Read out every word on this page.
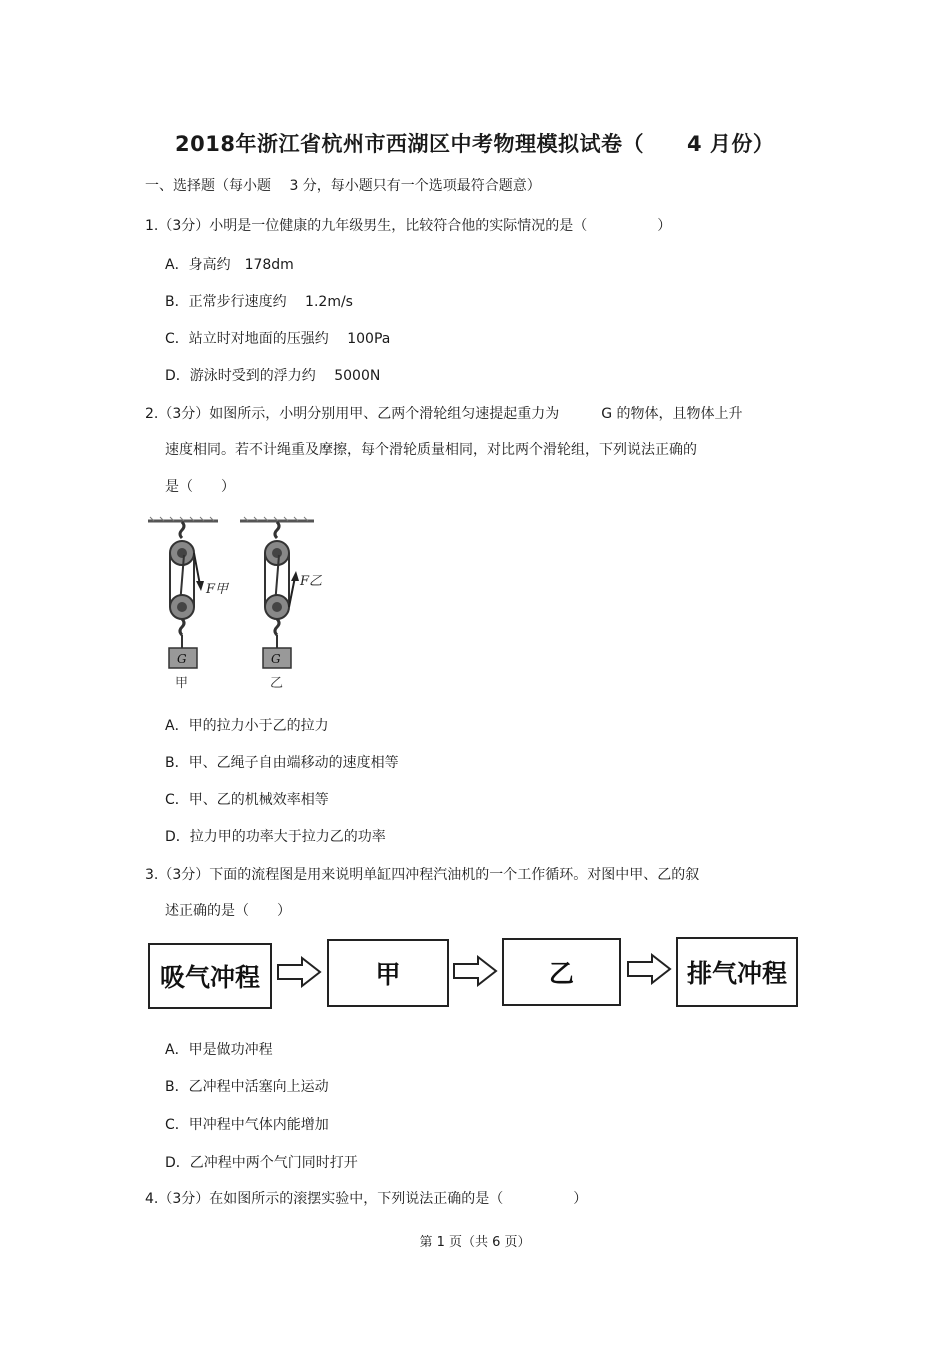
2018年浙江省杭州市西湖区中考物理模拟试卷（　　4 月份）
一、选择题（每小题　 3 分，每小题只有一个选项最符合题意）
1.（3分）小明是一位健康的九年级男生，比较符合他的实际情况的是（　　　　　）
A．身高约　178dm
B．正常步行速度约　 1.2m/s
C．站立时对地面的压强约　 100Pa
D．游泳时受到的浮力约　 5000N
2.（3分）如图所示，小明分别用甲、乙两个滑轮组匀速提起重力为　　　G 的物体，且物体上升
速度相同。若不计绳重及摩擦，每个滑轮质量相同，对比两个滑轮组，下列说法正确的
是（　　）
F甲
G
甲
F乙
G
乙
A．甲的拉力小于乙的拉力
B．甲、乙绳子自由端移动的速度相等
C．甲、乙的机械效率相等
D．拉力甲的功率大于拉力乙的功率
3.（3分）下面的流程图是用来说明单缸四冲程汽油机的一个工作循环。对图中甲、乙的叙
述正确的是（　　）
吸气冲程	甲	乙	排气冲程
A．甲是做功冲程
B．乙冲程中活塞向上运动
C．甲冲程中气体内能增加
D．乙冲程中两个气门同时打开
4.（3分）在如图所示的滚摆实验中，下列说法正确的是（　　　　　）
第 1 页（共 6 页）
